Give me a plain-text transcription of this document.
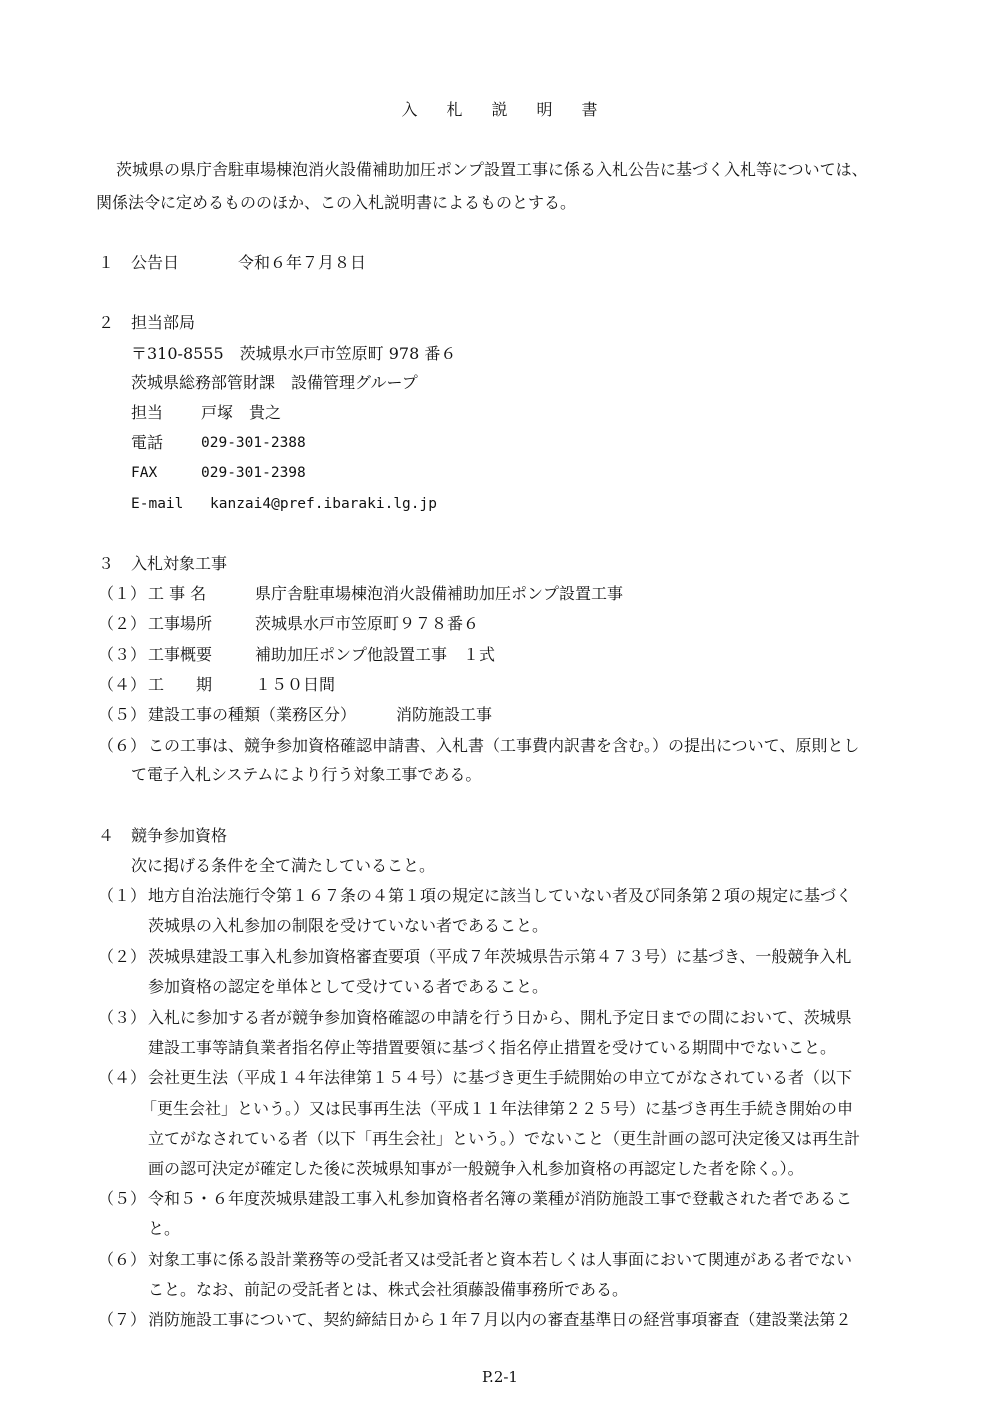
入 札 説 明 書
茨城県の県庁舎駐車場棟泡消火設備補助加圧ポンプ設置工事に係る入札公告に基づく入札等については、
関係法令に定めるもののほか、この入札説明書によるものとする。
１ 公告日	令和６年７月８日
２ 担当部局
〒310-8555　茨城県水戸市笠原町 978 番６
茨城県総務部管財課　設備管理グループ
担当 戸塚　貴之
電話	029-301-2388
FAX	029-301-2398
E-mail kanzai4@pref.ibaraki.lg.jp
３ 入札対象工事
（１） 工 事 名	県庁舎駐車場棟泡消火設備補助加圧ポンプ設置工事
（２） 工事場所	茨城県水戸市笠原町９７８番６
（３） 工事概要	補助加圧ポンプ他設置工事　１式
（４） 工　　期	１５０日間
（５） 建設工事の種類（業務区分） 消防施設工事
（６） この工事は、競争参加資格確認申請書、入札書（工事費内訳書を含む。）の提出について、原則とし
て電子入札システムにより行う対象工事である。
４ 競争参加資格
次に掲げる条件を全て満たしていること。
（１） 地方自治法施行令第１６７条の４第１項の規定に該当していない者及び同条第２項の規定に基づく
茨城県の入札参加の制限を受けていない者であること。
（２） 茨城県建設工事入札参加資格審査要項（平成７年茨城県告示第４７３号）に基づき、一般競争入札
参加資格の認定を単体として受けている者であること。
（３） 入札に参加する者が競争参加資格確認の申請を行う日から、開札予定日までの間において、茨城県
建設工事等請負業者指名停止等措置要領に基づく指名停止措置を受けている期間中でないこと。
（４） 会社更生法（平成１４年法律第１５４号）に基づき更生手続開始の申立てがなされている者（以下
「更生会社」という。）又は民事再生法（平成１１年法律第２２５号）に基づき再生手続き開始の申
立てがなされている者（以下「再生会社」という。）でないこと（更生計画の認可決定後又は再生計
画の認可決定が確定した後に茨城県知事が一般競争入札参加資格の再認定した者を除く。）。
（５） 令和５・６年度茨城県建設工事入札参加資格者名簿の業種が消防施設工事で登載された者であるこ
と。
（６） 対象工事に係る設計業務等の受託者又は受託者と資本若しくは人事面において関連がある者でない
こと。なお、前記の受託者とは、株式会社須藤設備事務所である。
（７） 消防施設工事について、契約締結日から１年７月以内の審査基準日の経営事項審査（建設業法第２
P.2-1
